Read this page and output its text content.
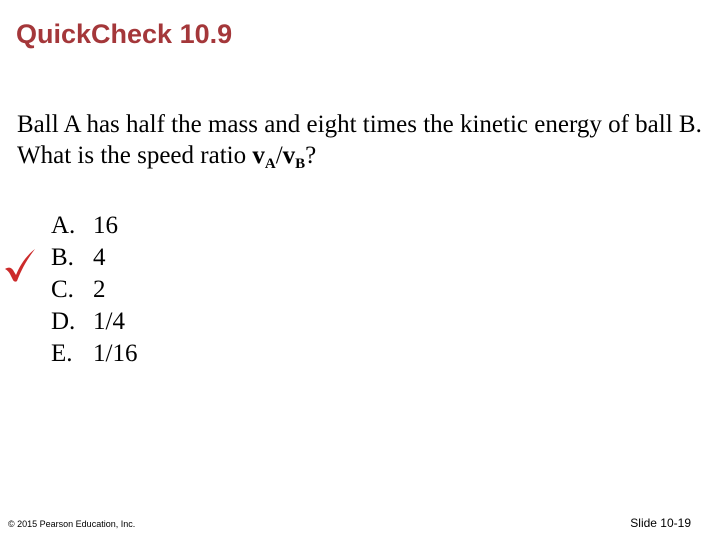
QuickCheck 10.9
Ball A has half the mass and eight times the kinetic energy of ball B. What is the speed ratio $v_A/v_B$?
A. 16
B. 4
C. 2
D. 1/4
E. 1/16
© 2015 Pearson Education, Inc.	Slide 10-19
